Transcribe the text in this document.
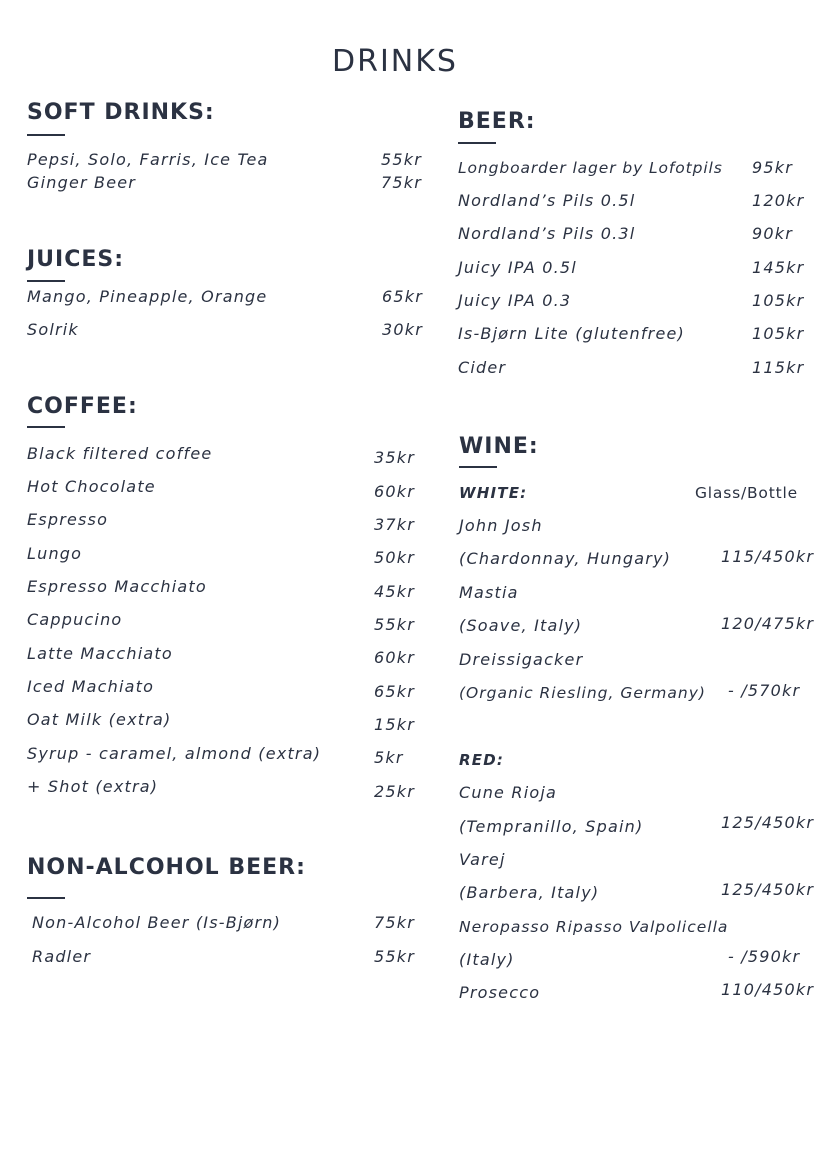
DRINKS
SOFT DRINKS:
Pepsi, Solo, Farris, Ice Tea	55kr
Ginger Beer	75kr
JUICES:
Mango, Pineapple, Orange	65kr
Solrik	30kr
COFFEE:
Black filtered coffee	35kr
Hot Chocolate	60kr
Espresso	37kr
Lungo	50kr
Espresso Macchiato	45kr
Cappucino	55kr
Latte Macchiato	60kr
Iced Machiato	65kr
Oat Milk (extra)	15kr
Syrup - caramel, almond (extra)	5kr
+ Shot (extra)	25kr
NON-ALCOHOL BEER:
Non-Alcohol Beer (Is-Bjørn)	75kr
Radler	55kr
BEER:
Longboarder lager by Lofotpils 95kr
Nordland’s Pils 0.5l	120kr
Nordland’s Pils 0.3l	90kr
Juicy IPA 0.5l	145kr
Juicy IPA 0.3	105kr
Is-Bjørn Lite (glutenfree)	105kr
Cider	115kr
WINE:
WHITE:	Glass/Bottle
John Josh
(Chardonnay, Hungary)	115/450kr
Mastia
(Soave, Italy)	120/475kr
Dreissigacker
(Organic Riesling, Germany) - /570kr
RED:
Cune Rioja
(Tempranillo, Spain)	125/450kr
Varej
(Barbera, Italy)	125/450kr
Neropasso Ripasso Valpolicella
(Italy)	- /590kr
Prosecco	110/450kr
